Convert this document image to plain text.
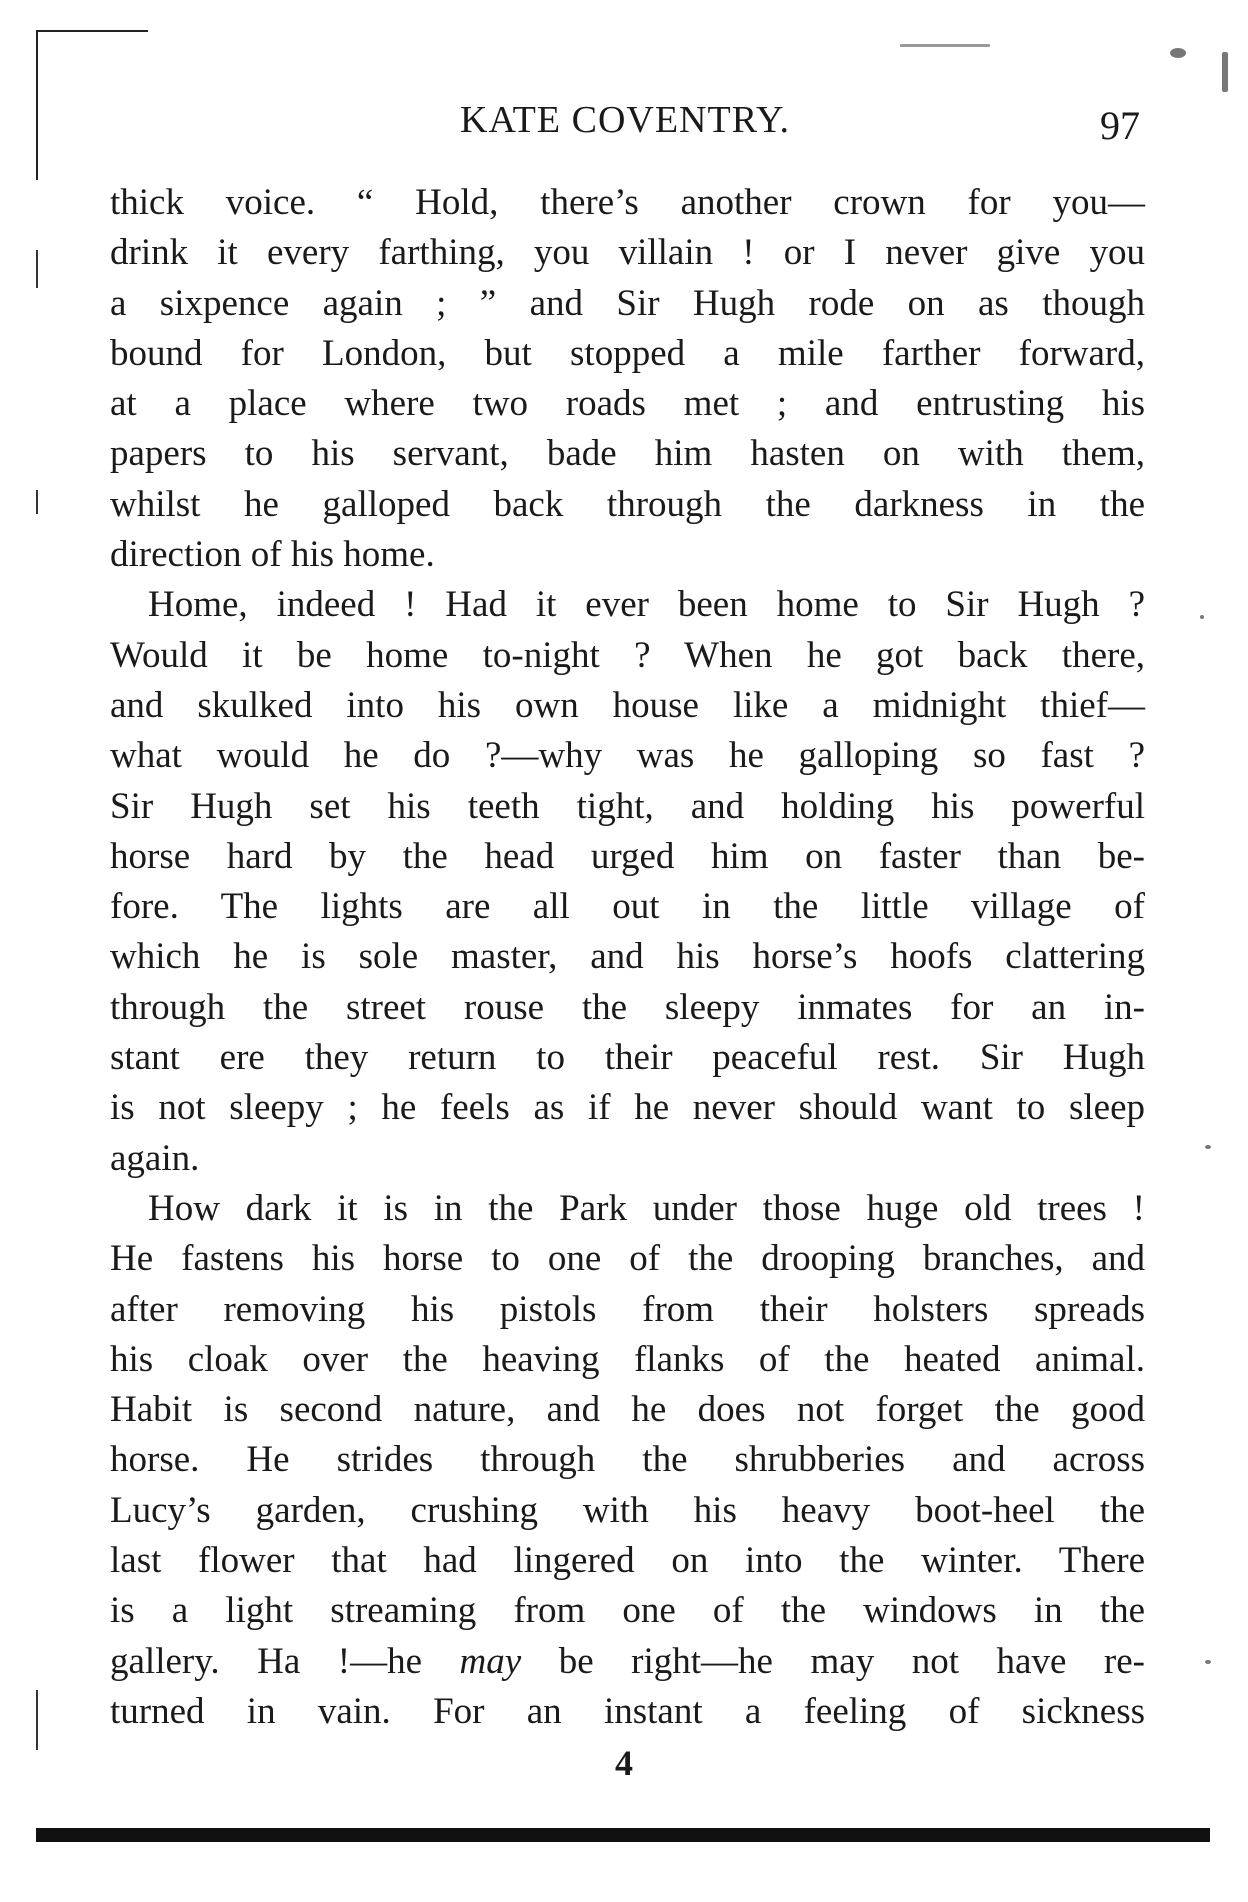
KATE COVENTRY.	97
thick voice. “ Hold, there’s another crown for you—
drink it every farthing, you villain ! or I never give you
a sixpence again ; ” and Sir Hugh rode on as though
bound for London, but stopped a mile farther forward,
at a place where two roads met ; and entrusting his
papers to his servant, bade him hasten on with them,
whilst he galloped back through the darkness in the
direction of his home.
Home, indeed ! Had it ever been home to Sir Hugh ?
Would it be home to-night ? When he got back there,
and skulked into his own house like a midnight thief—
what would he do ?—why was he galloping so fast ?
Sir Hugh set his teeth tight, and holding his powerful
horse hard by the head urged him on faster than be-
fore. The lights are all out in the little village of
which he is sole master, and his horse’s hoofs clattering
through the street rouse the sleepy inmates for an in-
stant ere they return to their peaceful rest. Sir Hugh
is not sleepy ; he feels as if he never should want to sleep
again.
How dark it is in the Park under those huge old trees !
He fastens his horse to one of the drooping branches, and
after removing his pistols from their holsters spreads
his cloak over the heaving flanks of the heated animal.
Habit is second nature, and he does not forget the good
horse. He strides through the shrubberies and across
Lucy’s garden, crushing with his heavy boot-heel the
last flower that had lingered on into the winter. There
is a light streaming from one of the windows in the
gallery. Ha !—he may be right—he may not have re-
turned in vain. For an instant a feeling of sickness
4
